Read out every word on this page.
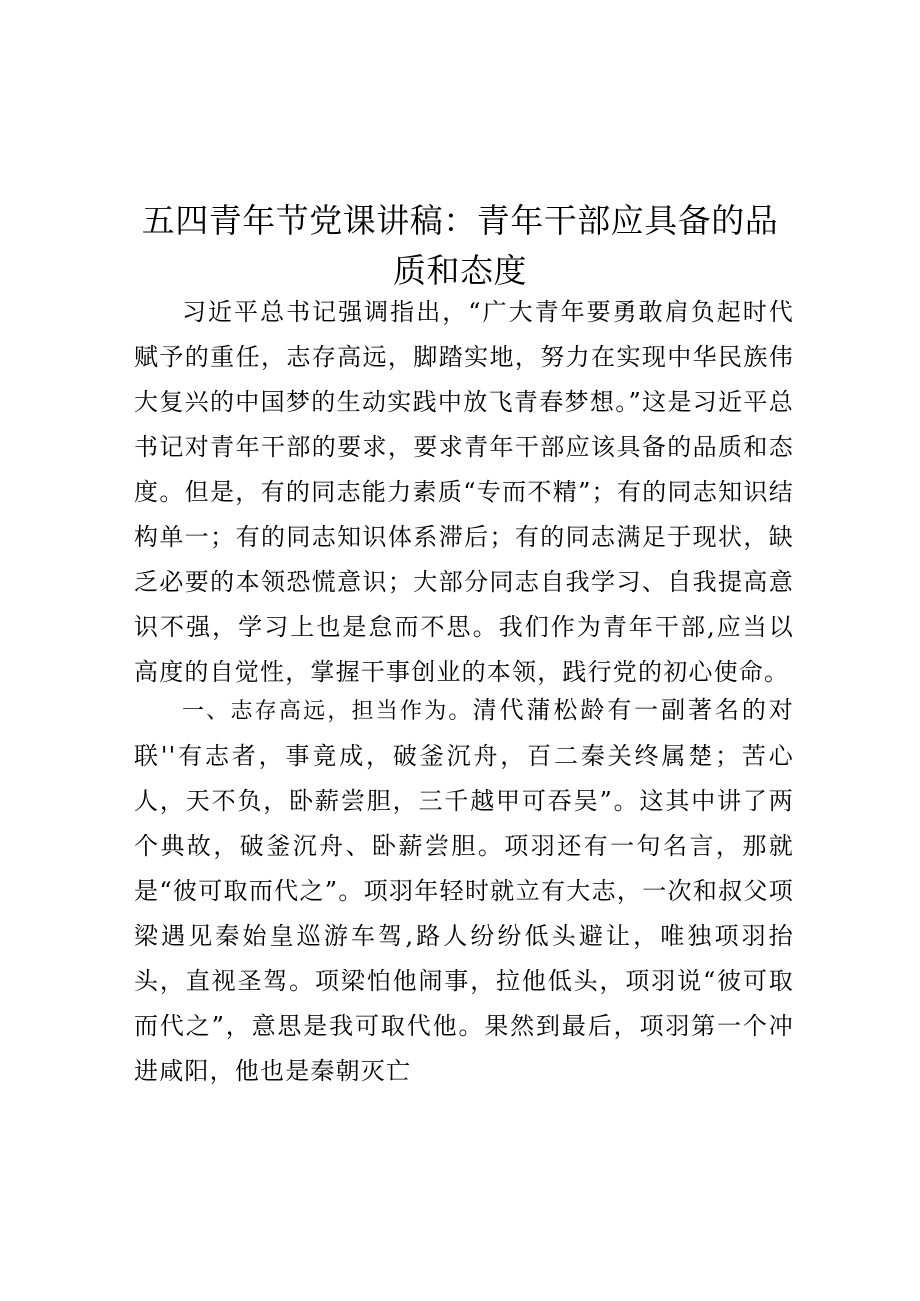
五四青年节党课讲稿：青年干部应具备的品质和态度

习近平总书记强调指出，“广大青年要勇敢肩负起时代赋予的重任，志存高远，脚踏实地，努力在实现中华民族伟大复兴的中国梦的生动实践中放飞青春梦想。”这是习近平总书记对青年干部的要求，要求青年干部应该具备的品质和态度。但是，有的同志能力素质“专而不精”；有的同志知识结构单一；有的同志知识体系滞后；有的同志满足于现状，缺乏必要的本领恐慌意识；大部分同志自我学习、自我提高意识不强，学习上也是怠而不思。我们作为青年干部,应当以高度的自觉性，掌握干事创业的本领，践行党的初心使命。

一、志存高远，担当作为。清代蒲松龄有一副著名的对联''有志者，事竟成，破釜沉舟，百二秦关终属楚；苦心人，天不负，卧薪尝胆，三千越甲可吞吴”。这其中讲了两个典故，破釜沉舟、卧薪尝胆。项羽还有一句名言，那就是“彼可取而代之”。项羽年轻时就立有大志，一次和叔父项梁遇见秦始皇巡游车驾,路人纷纷低头避让，唯独项羽抬头，直视圣驾。项梁怕他闹事，拉他低头，项羽说“彼可取而代之”，意思是我可取代他。果然到最后，项羽第一个冲进咸阳，他也是秦朝灭亡
